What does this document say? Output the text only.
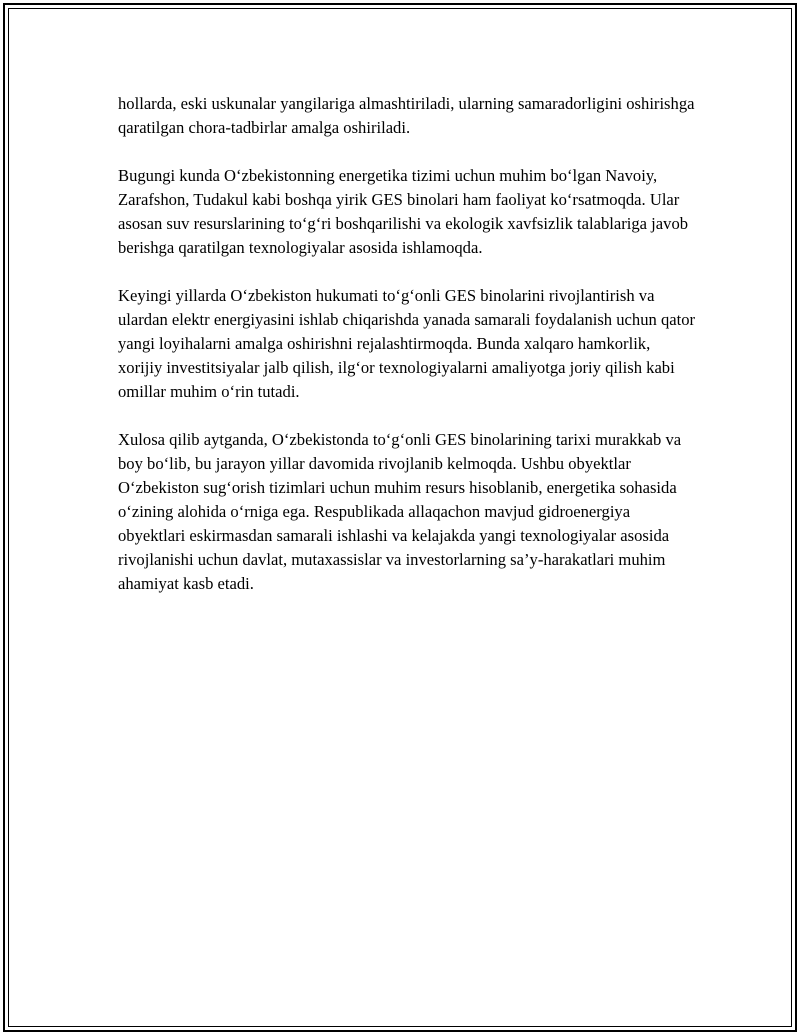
hollarda, eski uskunalar yangilariga almashtiriladi, ularning samaradorligini oshirishga qaratilgan chora-tadbirlar amalga oshiriladi.

Bugungi kunda O‘zbekistonning energetika tizimi uchun muhim bo‘lgan Navoiy, Zarafshon, Tudakul kabi boshqa yirik GES binolari ham faoliyat ko‘rsatmoqda. Ular asosan suv resurslarining to‘g‘ri boshqarilishi va ekologik xavfsizlik talablariga javob berishga qaratilgan texnologiyalar asosida ishlamoqda.

Keyingi yillarda O‘zbekiston hukumati to‘g‘onli GES binolarini rivojlantirish va ulardan elektr energiyasini ishlab chiqarishda yanada samarali foydalanish uchun qator yangi loyihalarni amalga oshirishni rejalashtirmoqda. Bunda xalqaro hamkorlik, xorijiy investitsiyalar jalb qilish, ilg‘or texnologiyalarni amaliyotga joriy qilish kabi omillar muhim o‘rin tutadi.

Xulosa qilib aytganda, O‘zbekistonda to‘g‘onli GES binolarining tarixi murakkab va boy bo‘lib, bu jarayon yillar davomida rivojlanib kelmoqda. Ushbu obyektlar O‘zbekiston sug‘orish tizimlari uchun muhim resurs hisoblanib, energetika sohasida o‘zining alohida o‘rniga ega. Respublikada allaqachon mavjud gidroenergiya obyektlari eskirmasdan samarali ishlashi va kelajakda yangi texnologiyalar asosida rivojlanishi uchun davlat, mutaxassislar va investorlarning sa’y-harakatlari muhim ahamiyat kasb etadi.
